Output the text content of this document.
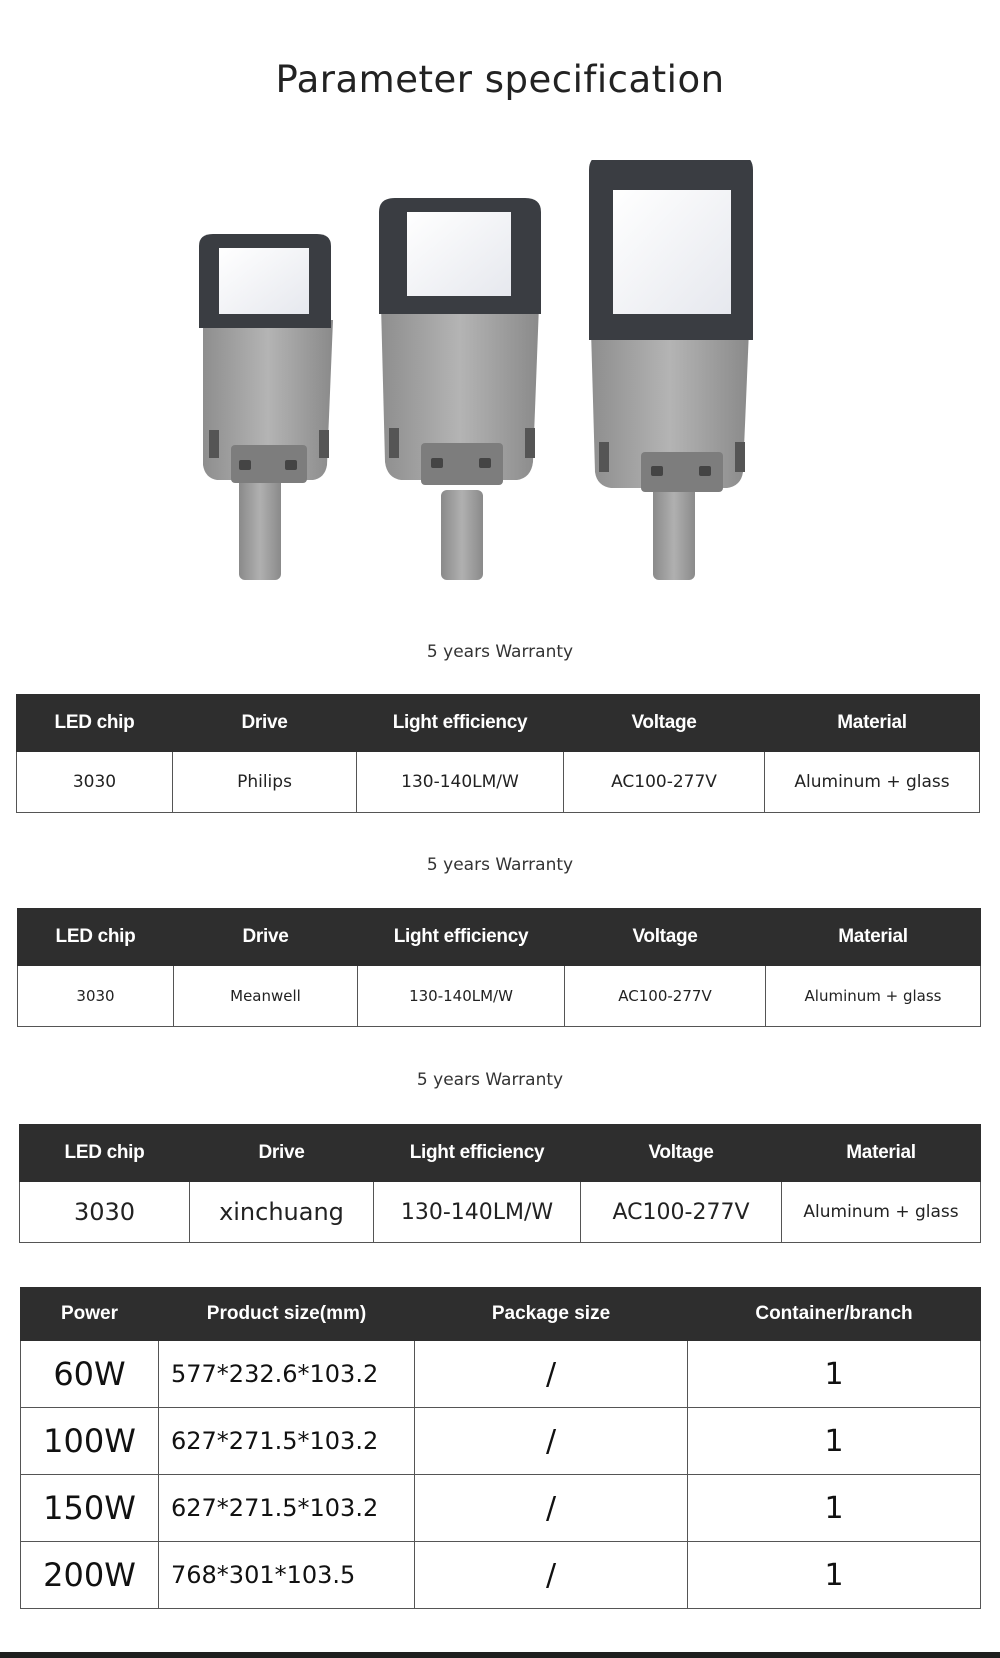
Parameter specification
5 years Warranty
LED chip	Drive	Light efficiency	Voltage	Material
3030	Philips	130-140LM/W	AC100-277V	Aluminum + glass
5 years Warranty
LED chip	Drive	Light efficiency	Voltage	Material
3030	Meanwell	130-140LM/W	AC100-277V	Aluminum + glass
5 years Warranty
LED chip	Drive	Light efficiency	Voltage	Material
3030	xinchuang	130-140LM/W	AC100-277V	Aluminum + glass
Power	Product size(mm)	Package size	Container/branch
60W	577*232.6*103.2	/	1
100W	627*271.5*103.2	/	1
150W	627*271.5*103.2	/	1
200W	768*301*103.5	/	1
